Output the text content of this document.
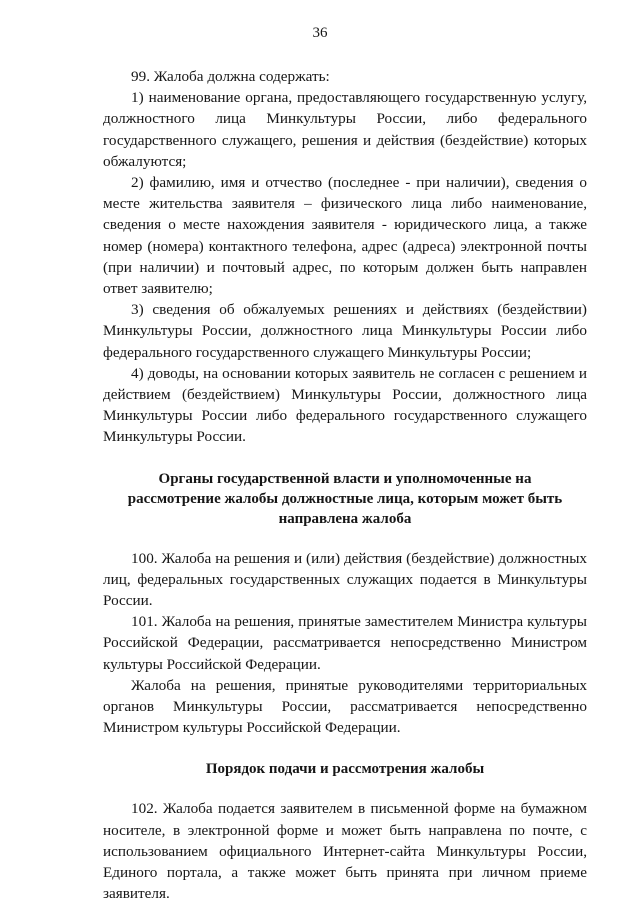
36

99. Жалоба должна содержать:

1) наименование органа, предоставляющего государственную услугу, должностного лица Минкультуры России, либо федерального государственного служащего, решения и действия (бездействие) которых обжалуются;

2) фамилию, имя и отчество (последнее - при наличии), сведения о месте жительства заявителя – физического лица либо наименование, сведения о месте нахождения заявителя - юридического лица, а также номер (номера) контактного телефона, адрес (адреса) электронной почты (при наличии) и почтовый адрес, по которым должен быть направлен ответ заявителю;

3) сведения об обжалуемых решениях и действиях (бездействии) Минкультуры России, должностного лица Минкультуры России либо федерального государственного служащего Минкультуры России;

4) доводы, на основании которых заявитель не согласен с решением и действием (бездействием) Минкультуры России, должностного лица Минкультуры России либо федерального государственного служащего Минкультуры России.

Органы государственной власти и уполномоченные на рассмотрение жалобы должностные лица, которым может быть направлена жалоба

100. Жалоба на решения и (или) действия (бездействие) должностных лиц, федеральных государственных служащих подается в Минкультуры России.

101. Жалоба на решения, принятые заместителем Министра культуры Российской Федерации, рассматривается непосредственно Министром культуры Российской Федерации.

Жалоба на решения, принятые руководителями территориальных органов Минкультуры России, рассматривается непосредственно Министром культуры Российской Федерации.

Порядок подачи и рассмотрения жалобы

102. Жалоба подается заявителем в письменной форме на бумажном носителе, в электронной форме и может быть направлена по почте, с использованием официального Интернет-сайта Минкультуры России, Единого портала, а также может быть принята при личном приеме заявителя.
